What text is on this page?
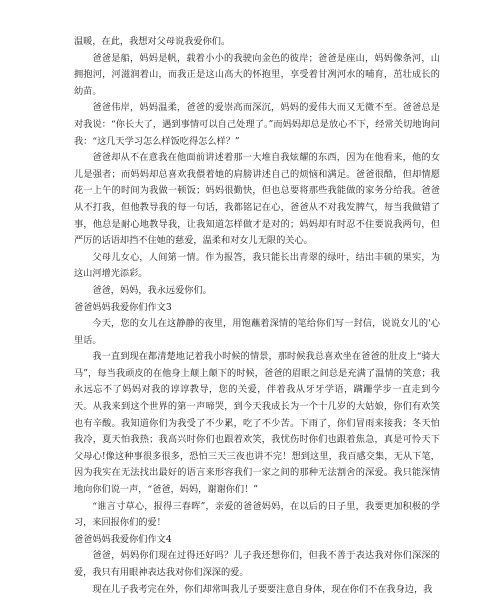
温暖，在此，我想对父母说我爱你们。

爸爸是船，妈妈是帆，载着小小的我驶向金色的彼岸；爸爸是座山，妈妈像条河，山拥抱河，河滋润着山，而我正是这山高大的怀抱里，享受着甘冽河水的哺育，茁壮成长的幼苗。

爸爸伟岸，妈妈温柔，爸爸的爱崇高而深沉，妈妈的爱伟大而又无微不至。爸爸总是对我说：“你长大了，遇到事情可以自己处理了。”而妈妈却总是放心不下，经常关切地询问我：“这几天学习怎么样饭吃得怎么样？”

爸爸却从不在意我在他面前讲述着那一大堆自我炫耀的东西，因为在他看来，他的女儿是强者；而妈妈却总喜欢我偎着她的肩膀讲述自己的烦恼和满足。爸爸很酷，但却情愿花一上午的时间为我做一顿饭；妈妈很勤快，但也总要将那些我能做的家务分给我。爸爸从不打我，但他教导我的每一句话，我都铭记在心，爸爸从不对我发脾气，每当我做错了事，他总是耐心地教导我，让我知道怎样做才是对的；妈妈却有时忍不住要说我两句，但严厉的话语却挡不住她的慈爱，温柔和对女儿无限的关心。

父母儿女心，人间第一情。作为报答，我只能长出青翠的绿叶，结出丰硕的果实，为这山河增光添彩。

爸爸，妈妈，我永远爱你们。

爸爸妈妈我爱你们作文3

今天，您的女儿在这静静的夜里，用饱蘸着深情的笔给你们写一封信，说说女儿的'心里话。

我一直到现在都清楚地记着我小时候的情景，那时候我总喜欢坐在爸爸的肚皮上“骑大马”，每当我顽皮的在他身上颠上颠下的时候，爸爸的眉眼之间总是充满了温情的笑意；我永远忘不了妈妈对我的谆谆教导，您的关爱，伴着我从牙牙学语，蹒跚学步一直走到今天。从我来到这个世界的第一声啼哭，到今天我成长为一个十几岁的大姑娘，你们有欢笑也有辛酸。我知道你们为我受了不少累，吃了不少苦。下雨了，你们冒雨来接我；冬天怕我冷，夏天怕我热；我高兴时你们也跟着欢笑，我忧伤时你们也跟着焦急，真是可怜天下父母心!像这种事很多很多，恐怕三天三夜也讲不完！想到这里，我百感交集，无从下笔，因为我实在无法找出最好的语言来形容我们一家之间的那种无法割舍的深爱。我只能深情地向你们说一声，“爸爸，妈妈，谢谢你们！”

“谁言寸草心，报得三春晖”，亲爱的爸爸妈妈，在以后的日子里，我要更加积极的学习，来回报你们的爱！

爸爸妈妈我爱你们作文4

爸爸，妈妈你们现在过得还好吗？儿子我还想你们，但我不善于表达我对你们深深的爱，我只有用眼神表达我对你们深深的爱。

现在儿子我考完在外，你们却常叫我儿子要要注意自身体，现在你们不在我身边，我
